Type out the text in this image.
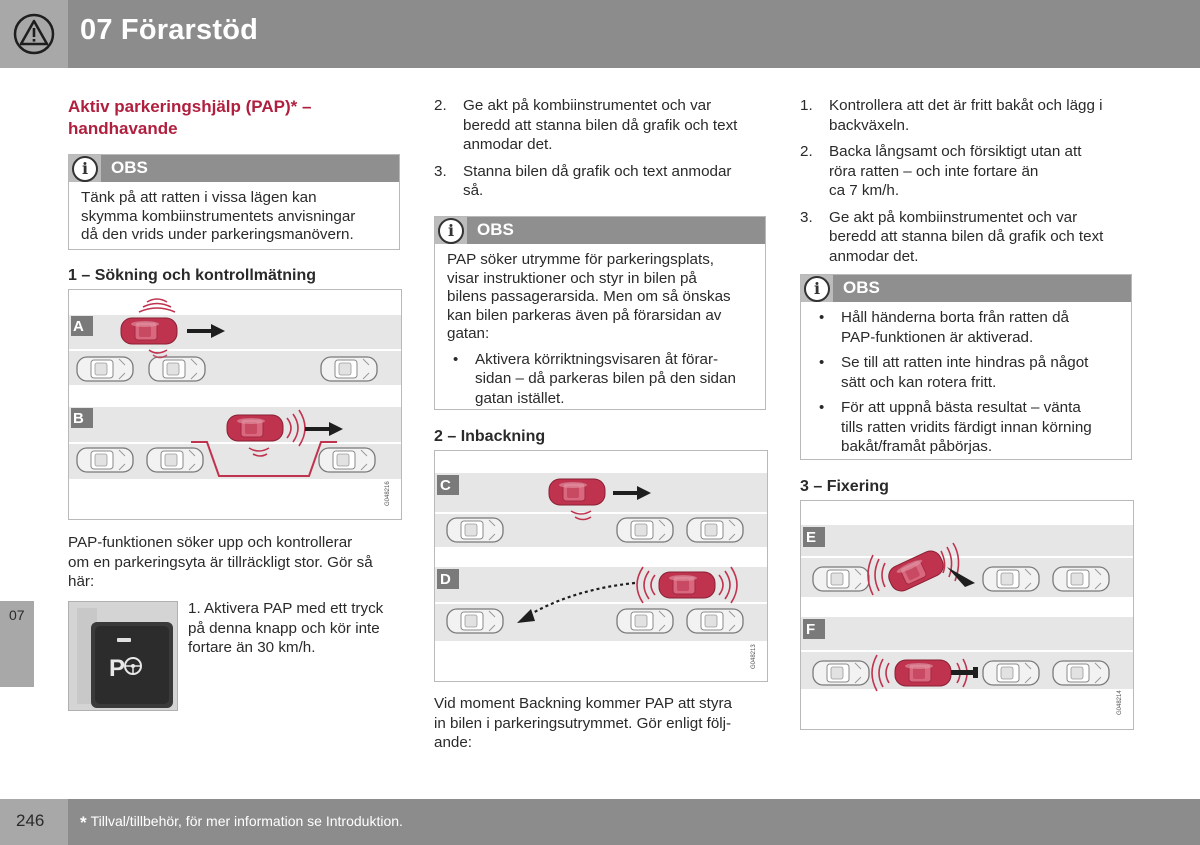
07 Förarstöd
07
Aktiv parkeringshjälp (PAP)* –
handhavande
i	OBS
Tänk på att ratten i vissa lägen kan
skymma kombiinstrumentets anvisningar
då den vrids under parkeringsmanövern.
1 – Sökning och kontrollmätning
G048216
A
B
PAP-funktionen söker upp och kontrollerar
om en parkeringsyta är tillräckligt stor. Gör så
här:
P
1. Aktivera PAP med ett tryck
på denna knapp och kör inte
fortare än 30 km/h.
2. Ge akt på kombiinstrumentet och var
beredd att stanna bilen då grafik och text
anmodar det.
3. Stanna bilen då grafik och text anmodar
så.
i	OBS
PAP söker utrymme för parkeringsplats,
visar instruktioner och styr in bilen på
bilens passagerarsida. Men om så önskas
kan bilen parkeras även på förarsidan av
gatan:
• Aktivera körriktningsvisaren åt förar-
sidan – då parkeras bilen på den sidan
gatan istället.
2 – Inbackning
G048213
C
D
Vid moment Backning kommer PAP att styra
in bilen i parkeringsutrymmet. Gör enligt följ-
ande:
1. Kontrollera att det är fritt bakåt och lägg i
backväxeln.
2. Backa långsamt och försiktigt utan att
röra ratten – och inte fortare än
ca 7 km/h.
3. Ge akt på kombiinstrumentet och var
beredd att stanna bilen då grafik och text
anmodar det.
i	OBS
• Håll händerna borta från ratten då
PAP-funktionen är aktiverad.
• Se till att ratten inte hindras på något
sätt och kan rotera fritt.
• För att uppnå bästa resultat – vänta
tills ratten vridits färdigt innan körning
bakåt/framåt påbörjas.
3 – Fixering
G048214
E
F
246 * Tillval/tillbehör, för mer information se Introduktion.
